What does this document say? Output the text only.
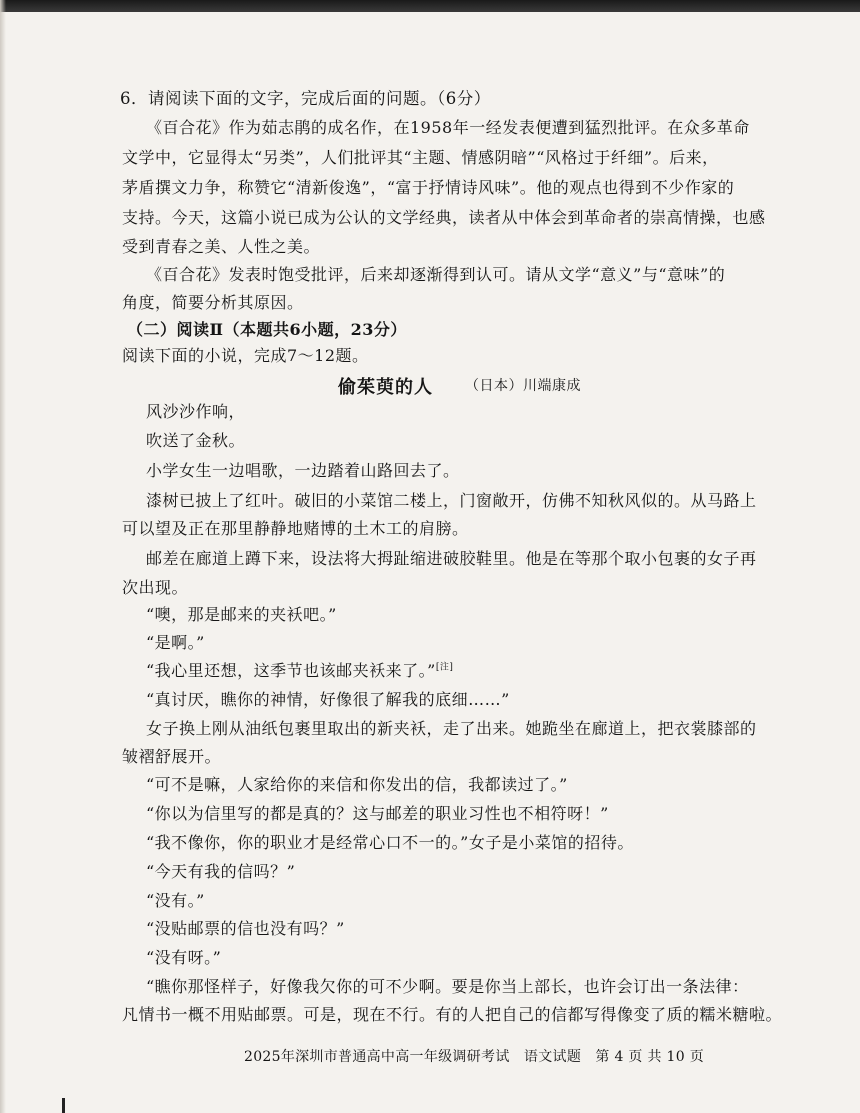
6．请阅读下面的文字，完成后面的问题。（6分）
《百合花》作为茹志鹃的成名作，在1958年一经发表便遭到猛烈批评。在众多革命
文学中，它显得太“另类”，人们批评其“主题、情感阴暗”“风格过于纤细”。后来，
茅盾撰文力争，称赞它“清新俊逸”，“富于抒情诗风味”。他的观点也得到不少作家的
支持。今天，这篇小说已成为公认的文学经典，读者从中体会到革命者的崇高情操，也感
受到青春之美、人性之美。
《百合花》发表时饱受批评，后来却逐渐得到认可。请从文学“意义”与“意味”的
角度，简要分析其原因。
（二）阅读Ⅱ（本题共6小题，23分）
阅读下面的小说，完成7～12题。
偷茱萸的人 （日本）川端康成
风沙沙作响，
吹送了金秋。
小学女生一边唱歌，一边踏着山路回去了。
漆树已披上了红叶。破旧的小菜馆二楼上，门窗敞开，仿佛不知秋风似的。从马路上
可以望及正在那里静静地赌博的土木工的肩膀。
邮差在廊道上蹲下来，设法将大拇趾缩进破胶鞋里。他是在等那个取小包裹的女子再
次出现。
“噢，那是邮来的夹袄吧。”
“是啊。”
“我心里还想，这季节也该邮夹袄来了。”[注]
“真讨厌，瞧你的神情，好像很了解我的底细……”
女子换上刚从油纸包裹里取出的新夹袄，走了出来。她跪坐在廊道上，把衣裳膝部的
皱褶舒展开。
“可不是嘛，人家给你的来信和你发出的信，我都读过了。”
“你以为信里写的都是真的？这与邮差的职业习性也不相符呀！”
“我不像你，你的职业才是经常心口不一的。”女子是小菜馆的招待。
“今天有我的信吗？”
“没有。”
“没贴邮票的信也没有吗？”
“没有呀。”
“瞧你那怪样子，好像我欠你的可不少啊。要是你当上部长，也许会订出一条法律：
凡情书一概不用贴邮票。可是，现在不行。有的人把自己的信都写得像变了质的糯米糖啦。
2025年深圳市普通高中高一年级调研考试　语文试题　第 4 页 共 10 页
